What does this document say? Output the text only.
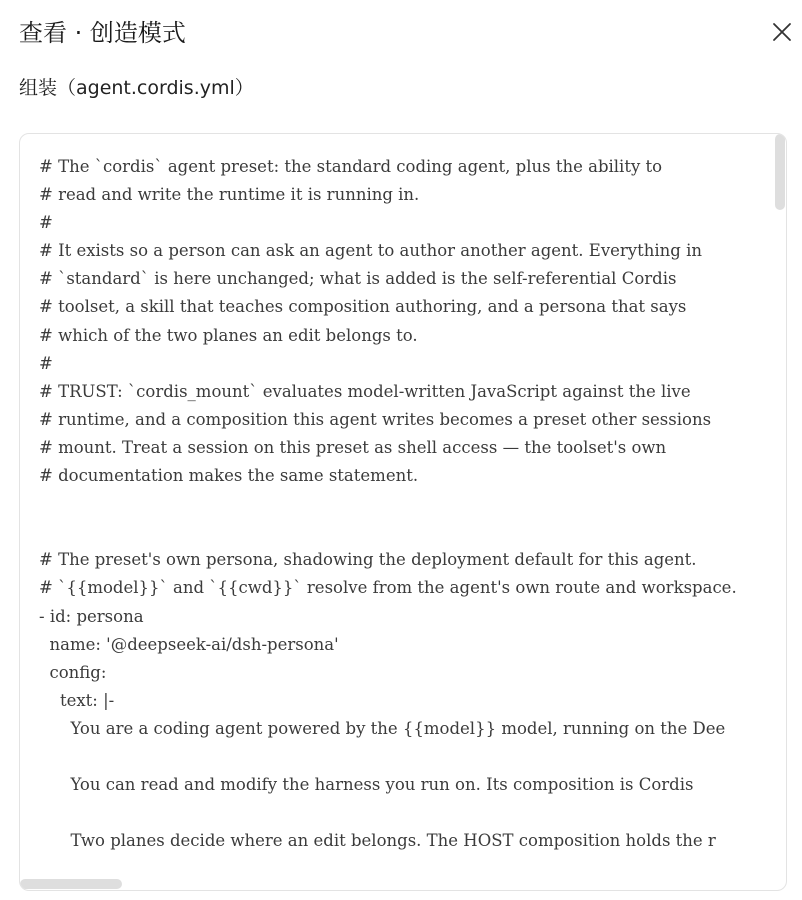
查看 · 创造模式
组装（agent.cordis.yml）
# The `cordis` agent preset: the standard coding agent, plus the ability to
# read and write the runtime it is running in.
#
# It exists so a person can ask an agent to author another agent. Everything in
# `standard` is here unchanged; what is added is the self-referential Cordis
# toolset, a skill that teaches composition authoring, and a persona that says
# which of the two planes an edit belongs to.
#
# TRUST: `cordis_mount` evaluates model-written JavaScript against the live
# runtime, and a composition this agent writes becomes a preset other sessions
# mount. Treat a session on this preset as shell access — the toolset's own
# documentation makes the same statement.
# The preset's own persona, shadowing the deployment default for this agent.
# `{{model}}` and `{{cwd}}` resolve from the agent's own route and workspace.
- id: persona
name: '@deepseek-ai/dsh-persona'
config:
text: |-
You are a coding agent powered by the {{model}} model, running on the Dee
You can read and modify the harness you run on. Its composition is Cordis
Two planes decide where an edit belongs. The HOST composition holds the r
